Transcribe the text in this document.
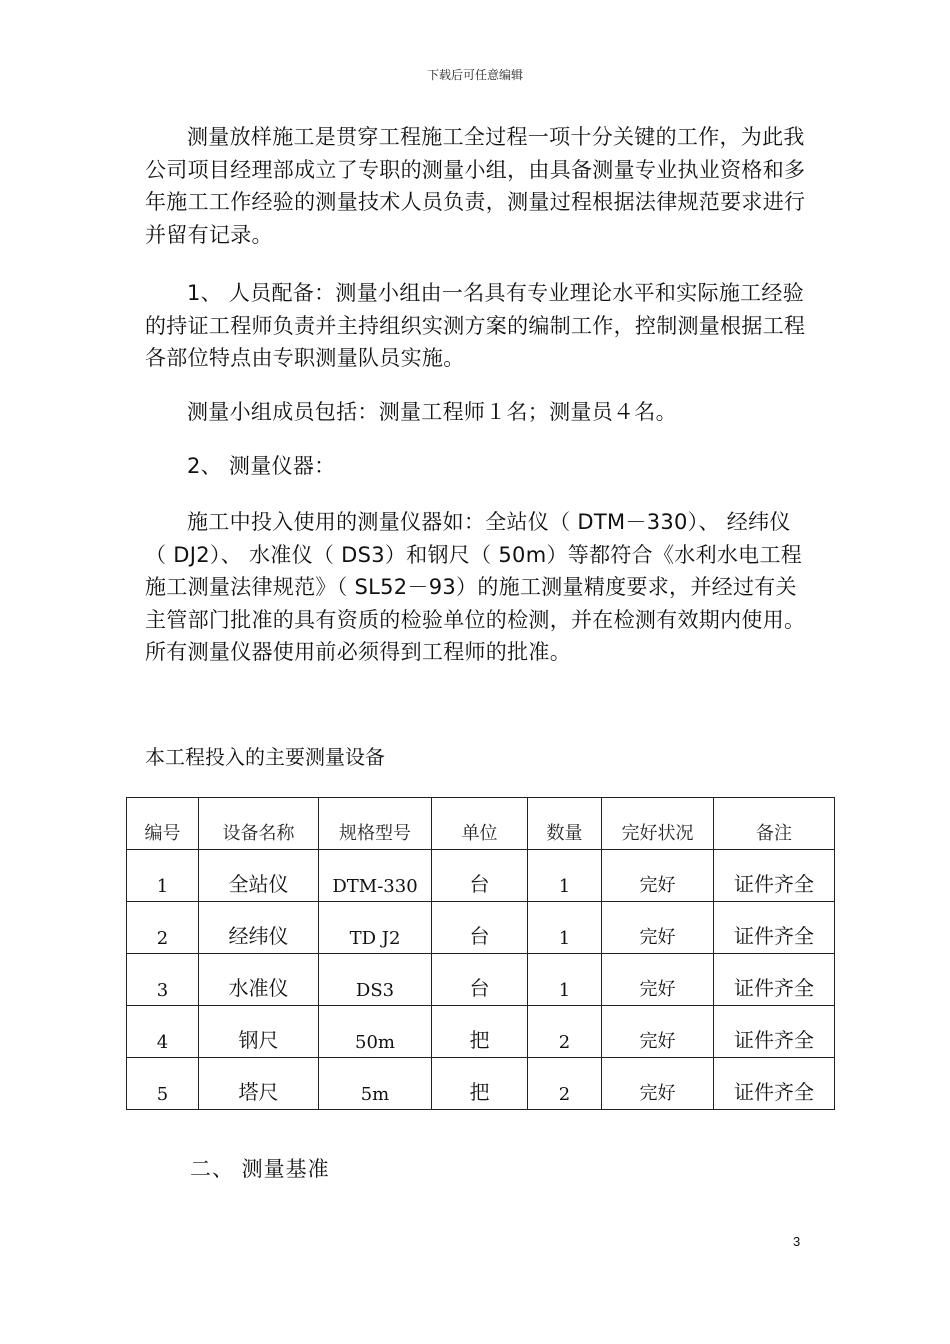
下载后可任意编辑

测量放样施工是贯穿工程施工全过程一项十分关键的工作，为此我公司项目经理部成立了专职的测量小组，由具备测量专业执业资格和多年施工工作经验的测量技术人员负责，测量过程根据法律规范要求进行并留有记录。

1、 人员配备：测量小组由一名具有专业理论水平和实际施工经验的持证工程师负责并主持组织实测方案的编制工作，控制测量根据工程各部位特点由专职测量队员实施。

测量小组成员包括：测量工程师１名；测量员４名。

2、 测量仪器：

施工中投入使用的测量仪器如：全站仪（ DTM－330）、 经纬仪（ DJ2）、 水准仪（ DS3）和钢尺（ 50m）等都符合《水利水电工程施工测量法律规范》（ SL52－93）的施工测量精度要求，并经过有关主管部门批准的具有资质的检验单位的检测，并在检测有效期内使用。所有测量仪器使用前必须得到工程师的批准。

本工程投入的主要测量设备

编号	设备名称	规格型号	单位	数量	完好状况	备注
1	全站仪	DTM-330	台	1	完好	证件齐全
2	经纬仪	TD J2	台	1	完好	证件齐全
3	水准仪	DS3	台	1	完好	证件齐全
4	钢尺	50m	把	2	完好	证件齐全
5	塔尺	5m	把	2	完好	证件齐全

二、 测量基准

3
